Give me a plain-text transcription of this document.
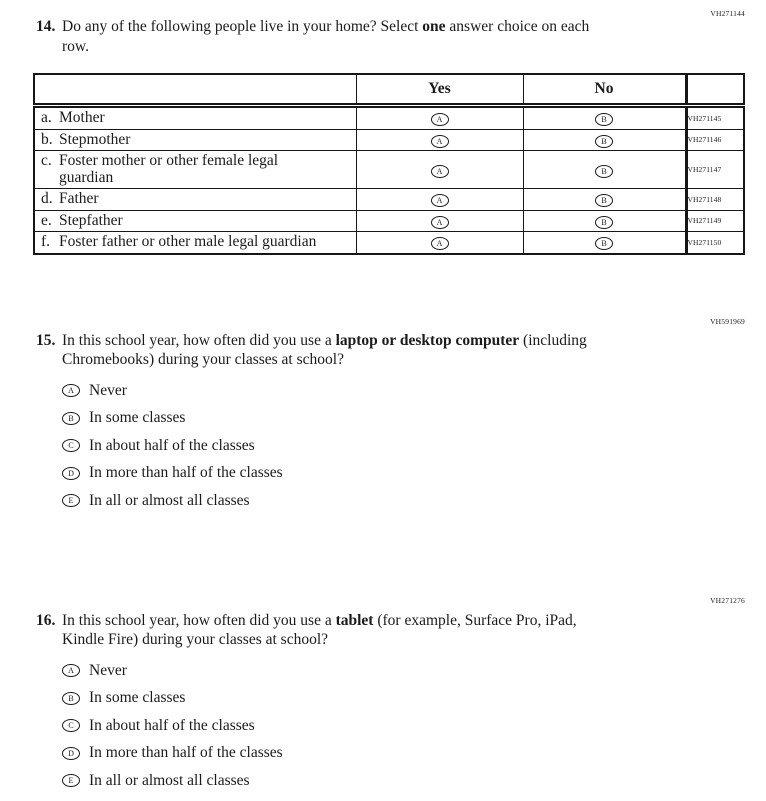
VH271144
14. Do any of the following people live in your home? Select one answer choice on each
row.
	Yes	No	

a. Mother	A	B	VH271145

b. Stepmother	A	B	VH271146

c. Foster mother or other female legal guardian	A	B	VH271147

d. Father	A	B	VH271148

e. Stepfather	A	B	VH271149

f. Foster father or other male legal guardian	A	B	VH271150
VH591969
15. In this school year, how often did you use a laptop or desktop computer (including
Chromebooks) during your classes at school?
A Never
B In some classes
C In about half of the classes
D In more than half of the classes
E	In all or almost all classes
VH271276
16. In this school year, how often did you use a tablet (for example, Surface Pro, iPad,
Kindle Fire) during your classes at school?
A Never
B In some classes
C In about half of the classes
D In more than half of the classes
E	In all or almost all classes
